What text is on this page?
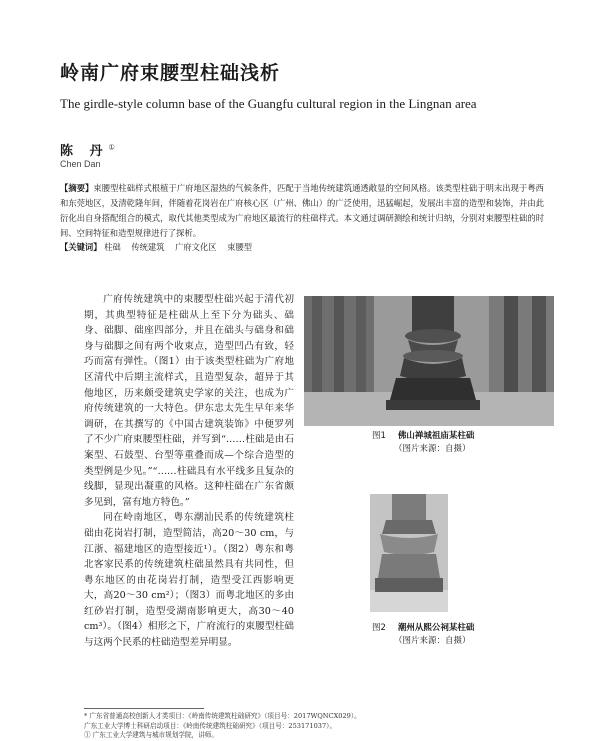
岭南广府束腰型柱础浅析
The girdle-style column base of the Guangfu cultural region in the Lingnan area
陈 丹①
Chen Dan
【摘要】束腰型柱础样式根植于广府地区湿热的气候条件，匹配于当地传统建筑通透敞显的空间风格。该类型柱础于明末出现于粤西和东莞地区，及清乾隆年间，伴随着花岗岩在广府核心区（广州、佛山）的广泛使用，迅猛崛起，发展出丰富的造型和装饰，并由此衍化出自身搭配组合的模式，取代其他类型成为广府地区最流行的柱础样式。本文通过调研测绘和统计归纳，分别对束腰型柱础的时间、空间特征和造型规律进行了探析。
【关键词】 柱础 传统建筑 广府文化区 束腰型

广府传统建筑中的束腰型柱础兴起于清代初期，其典型特征是柱础从上至下分为础头、础身、础脚、础座四部分，并且在础头与础身和础身与础脚之间有两个收束点，造型凹凸有致，轻巧而富有弹性。（图1）由于该类型柱础为广府地区清代中后期主流样式，且造型复杂，超异于其他地区，历来颇受建筑史学家的关注，也成为广府传统建筑的一大特色。伊东忠太先生早年来华调研，在其撰写的《中国古建筑装饰》中便罗列了不少广府束腰型柱础，并写到“……柱础是由石案型、石鼓型、台型等重叠而成—个综合造型的类型例是少见。”“……柱础具有水平线多且复杂的线脚，显现出凝重的风格。这种柱础在广东省颇多见到，富有地方特色。”

同在岭南地区，粤东潮汕民系的传统建筑柱础由花岗岩打制，造型简洁，高20～30 cm，与江浙、福建地区的造型接近¹）。（图2）粤东和粤北客家民系的传统建筑柱础虽然具有共同性，但粤东地区的由花岗岩打制，造型受江西影响更大，高20～30 cm²）；（图3）而粤北地区的多由红砂岩打制，造型受湖南影响更大，高30～40 cm³）。（图4）相形之下，广府流行的束腰型柱础与这两个民系的柱础造型差异明显。

图1 佛山禅城祖庙某柱础
（图片来源：自摄）
图2 潮州从熙公祠某柱础
（图片来源：自摄）
* 广东省普通高校创新人才类项目：《岭南传统建筑柱础研究》（项目号：2017WQNCX029）。
广东工业大学博士科研启动项目：《岭南传统建筑柱础研究》（项目号：253171037）。
① 广东工业大学建筑与城市规划学院，讲师。
